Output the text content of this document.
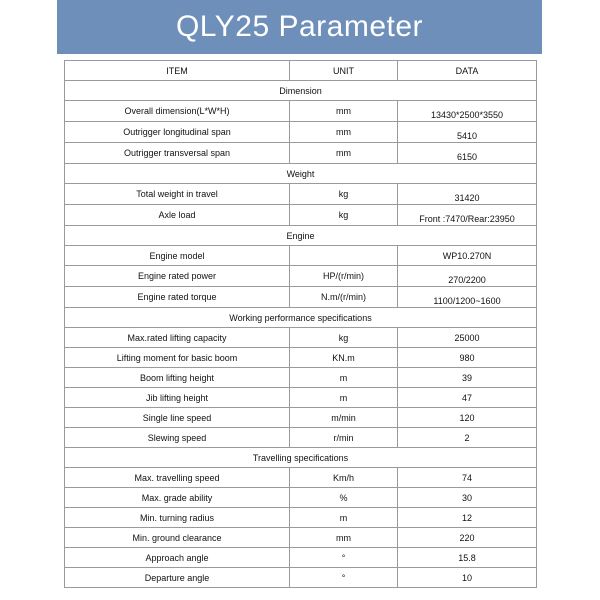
QLY25 Parameter
ITEM	UNIT	DATA
Dimension		
Overall dimension(L*W*H)	mm	13430*2500*3550
Outrigger longitudinal span	mm	5410
Outrigger transversal span	mm	6150
Weight		
Total weight in travel	kg	31420
Axle load	kg	Front :7470/Rear:23950
Engine		
Engine model		WP10.270N
Engine rated power	HP/(r/min)	270/2200
Engine rated torque	N.m/(r/min)	1100/1200~1600
Working performance specifications		
Max.rated lifting capacity	kg	25000
Lifting moment for basic boom	KN.m	980
Boom lifting height	m	39
Jib lifting height	m	47
Single line speed	m/min	120
Slewing speed	r/min	2
Travelling specifications		
Max. travelling speed	Km/h	74
Max. grade ability	%	30
Min. turning radius	m	12
Min. ground clearance	mm	220
Approach angle	°	15.8
Departure angle	°	10
